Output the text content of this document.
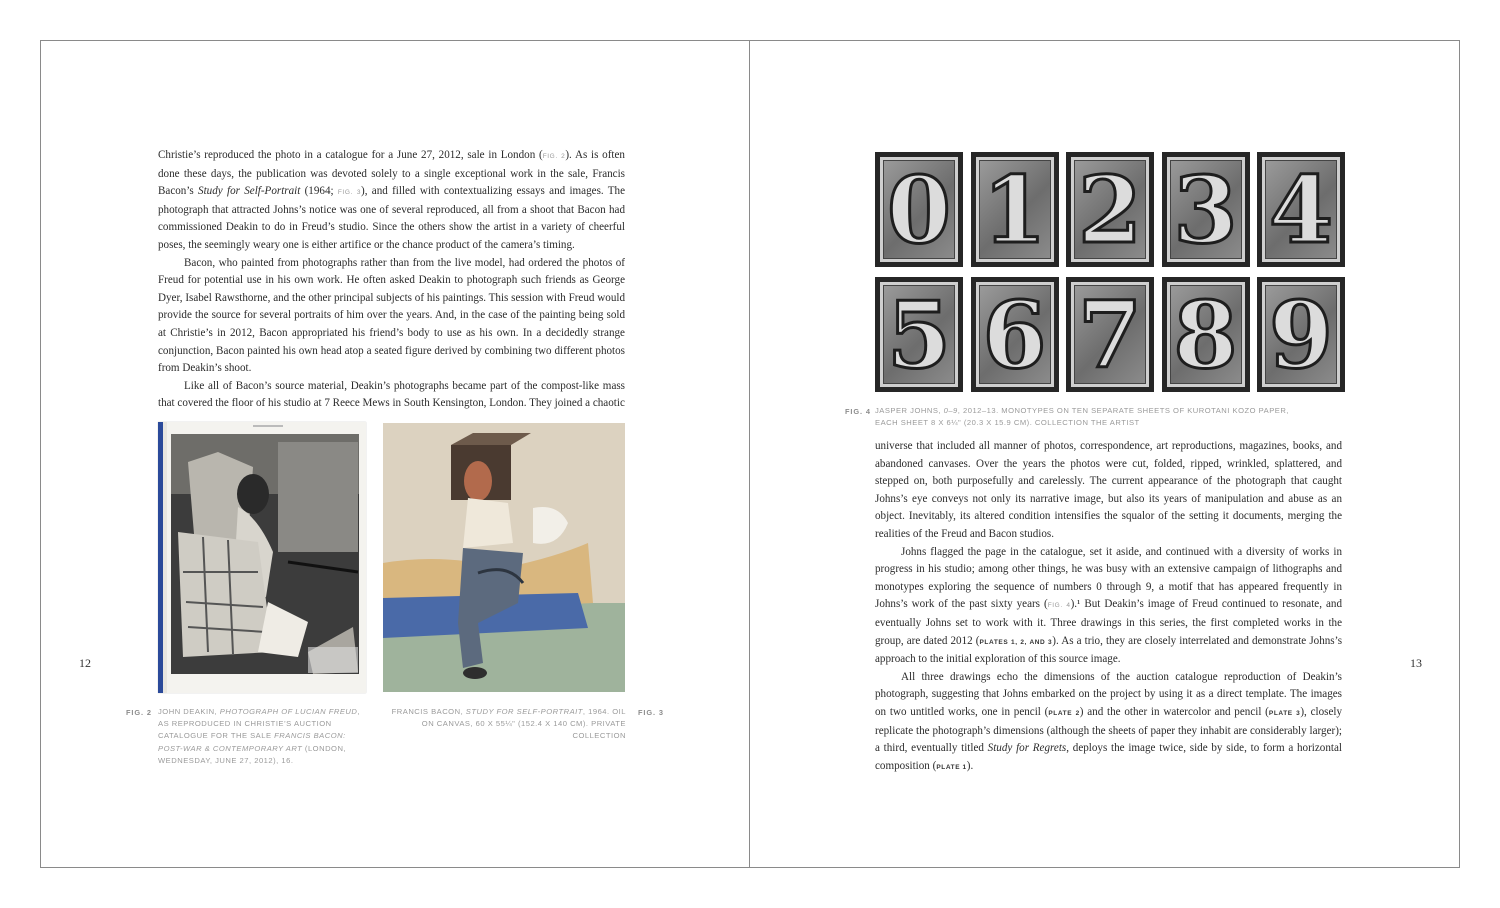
12

Christie’s reproduced the photo in a catalogue for a June 27, 2012, sale in London (FIG. 2). As is often done these days, the publication was devoted solely to a single exceptional work in the sale, Francis Bacon’s Study for Self-Portrait (1964; FIG. 3), and filled with contextualizing essays and images. The photograph that attracted Johns’s notice was one of several reproduced, all from a shoot that Bacon had commissioned Deakin to do in Freud’s studio. Since the others show the artist in a variety of cheerful poses, the seemingly weary one is either artifice or the chance product of the camera’s timing.

Bacon, who painted from photographs rather than from the live model, had ordered the photos of Freud for potential use in his own work. He often asked Deakin to photograph such friends as George Dyer, Isabel Rawsthorne, and the other principal subjects of his paintings. This session with Freud would provide the source for several portraits of him over the years. And, in the case of the painting being sold at Christie’s in 2012, Bacon appropriated his friend’s body to use as his own. In a decidedly strange conjunction, Bacon painted his own head atop a seated figure derived by combining two different photos from Deakin’s shoot.

Like all of Bacon’s source material, Deakin’s photographs became part of the compost-like mass that covered the floor of his studio at 7 Reece Mews in South Kensington, London. They joined a chaotic

FIG. 2 JOHN DEAKIN, PHOTOGRAPH OF LUCIAN FREUD, AS REPRODUCED IN CHRISTIE’S AUCTION CATALOGUE FOR THE SALE FRANCIS BACON: POST-WAR & CONTEMPORARY ART (LONDON, WEDNESDAY, JUNE 27, 2012), 16.
FRANCIS BACON, STUDY FOR SELF-PORTRAIT, 1964. OIL ON CANVAS, 60 X 55¼" (152.4 X 140 CM). PRIVATE COLLECTION
FIG. 3
13
0 1 2 3 4
5 6 7 8 9
FIG. 4 JASPER JOHNS, 0–9, 2012–13. MONOTYPES ON TEN SEPARATE SHEETS OF KUROTANI KOZO PAPER,
EACH SHEET 8 X 6¼" (20.3 X 15.9 CM). COLLECTION THE ARTIST

universe that included all manner of photos, correspondence, art reproductions, magazines, books, and abandoned canvases. Over the years the photos were cut, folded, ripped, wrinkled, splattered, and stepped on, both purposefully and carelessly. The current appearance of the photograph that caught Johns’s eye conveys not only its narrative image, but also its years of manipulation and abuse as an object. Inevitably, its altered condition intensifies the squalor of the setting it documents, merging the realities of the Freud and Bacon studios.

Johns flagged the page in the catalogue, set it aside, and continued with a diversity of works in progress in his studio; among other things, he was busy with an extensive campaign of lithographs and monotypes exploring the sequence of numbers 0 through 9, a motif that has appeared frequently in Johns’s work of the past sixty years (FIG. 4).¹ But Deakin’s image of Freud continued to resonate, and eventually Johns set to work with it. Three drawings in this series, the first completed works in the group, are dated 2012 (PLATES 1, 2, AND 3). As a trio, they are closely interrelated and demonstrate Johns’s approach to the initial exploration of this source image.

All three drawings echo the dimensions of the auction catalogue reproduction of Deakin’s photograph, suggesting that Johns embarked on the project by using it as a direct template. The images on two untitled works, one in pencil (PLATE 2) and the other in watercolor and pencil (PLATE 3), closely replicate the photograph’s dimensions (although the sheets of paper they inhabit are considerably larger); a third, eventually titled Study for Regrets, deploys the image twice, side by side, to form a horizontal composition (PLATE 1).
